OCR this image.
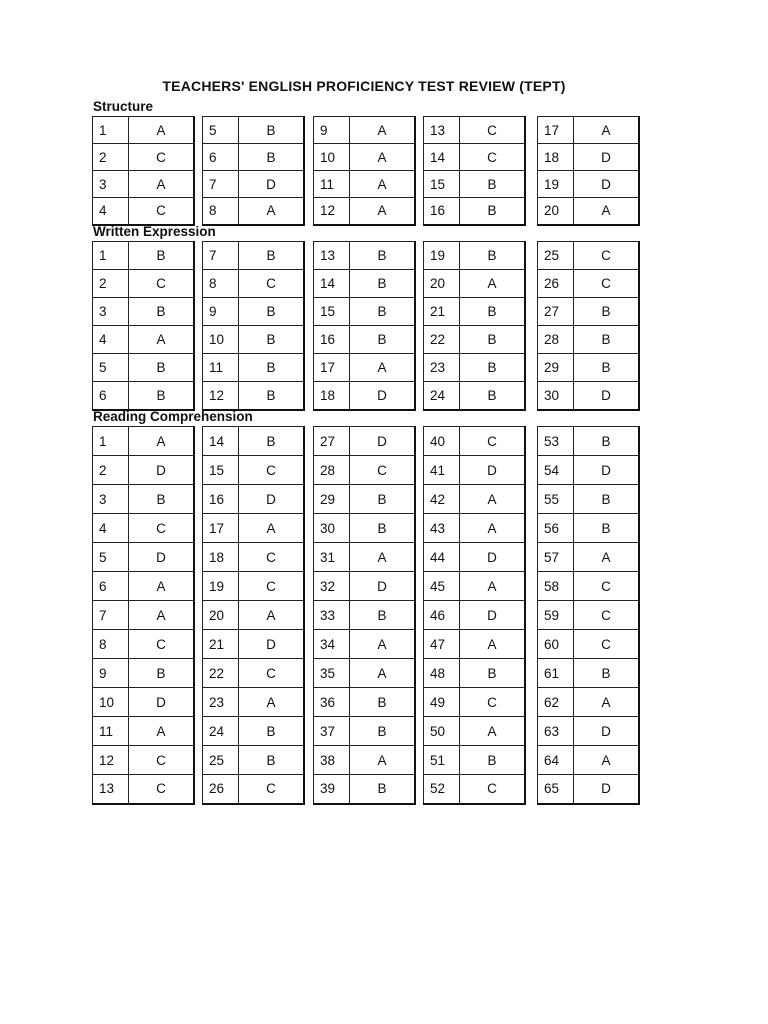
TEACHERS' ENGLISH PROFICIENCY TEST REVIEW (TEPT)
Structure
1	A
2	C
3	A
4	C
5	B
6	B
7	D
8	A
9	A
10	A
11	A
12	A
13	C
14	C
15	B
16	B
17	A
18	D
19	D
20	A
Written Expression
1	B
2	C
3	B
4	A
5	B
6	B
7	B
8	C
9	B
10	B
11	B
12	B
13	B
14	B
15	B
16	B
17	A
18	D
19	B
20	A
21	B
22	B
23	B
24	B
25	C
26	C
27	B
28	B
29	B
30	D
Reading Comprehension
1	A
2	D
3	B
4	C
5	D
6	A
7	A
8	C
9	B
10	D
11	A
12	C
13	C
14	B
15	C
16	D
17	A
18	C
19	C
20	A
21	D
22	C
23	A
24	B
25	B
26	C
27	D
28	C
29	B
30	B
31	A
32	D
33	B
34	A
35	A
36	B
37	B
38	A
39	B
40	C
41	D
42	A
43	A
44	D
45	A
46	D
47	A
48	B
49	C
50	A
51	B
52	C
53	B
54	D
55	B
56	B
57	A
58	C
59	C
60	C
61	B
62	A
63	D
64	A
65	D
